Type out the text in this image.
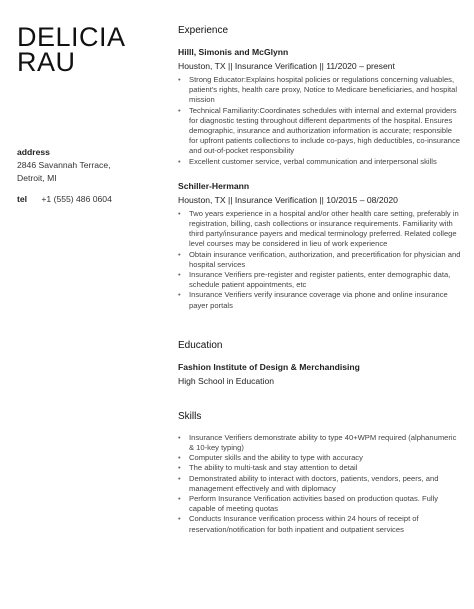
DELICIA
RAU
address
2846 Savannah Terrace,
Detroit, MI
tel +1 (555) 486 0604
Experience
Hilll, Simonis and McGlynn
Houston, TX || Insurance Verification || 11/2020 – present
• Strong Educator:Explains hospital policies or regulations concerning valuables, patient's rights, health care proxy, Notice to Medicare beneficiaries, and hospital mission
• Technical Familiarity:Coordinates schedules with internal and external providers for diagnostic testing throughout different departments of the hospital. Ensures demographic, insurance and authorization information is accurate; responsible for upfront patients collections to include co-pays, high deductibles, co-insurance and out-of-pocket responsibility
• Excellent customer service, verbal communication and interpersonal skills
Schiller-Hermann
Houston, TX || Insurance Verification || 10/2015 – 08/2020
• Two years experience in a hospital and/or other health care setting, preferably in registration, billing, cash collections or insurance requirements. Familiarity with third party/insurance payers and medical terminology preferred. Related college level courses may be considered in lieu of work experience
• Obtain insurance verification, authorization, and precertification for physician and hospital services
• Insurance Verifiers pre-register and register patients, enter demographic data, schedule patient appointments, etc
• Insurance Verifiers verify insurance coverage via phone and online insurance payer portals
Education
Fashion Institute of Design & Merchandising
High School in Education
Skills
• Insurance Verifiers demonstrate ability to type 40+WPM required (alphanumeric & 10-key typing)
• Computer skills and the ability to type with accuracy
• The ability to multi-task and stay attention to detail
• Demonstrated ability to interact with doctors, patients, vendors, peers, and management effectively and with diplomacy
• Perform Insurance Verification activities based on production quotas. Fully capable of meeting quotas
• Conducts Insurance verification process within 24 hours of receipt of reservation/notification for both inpatient and outpatient services
